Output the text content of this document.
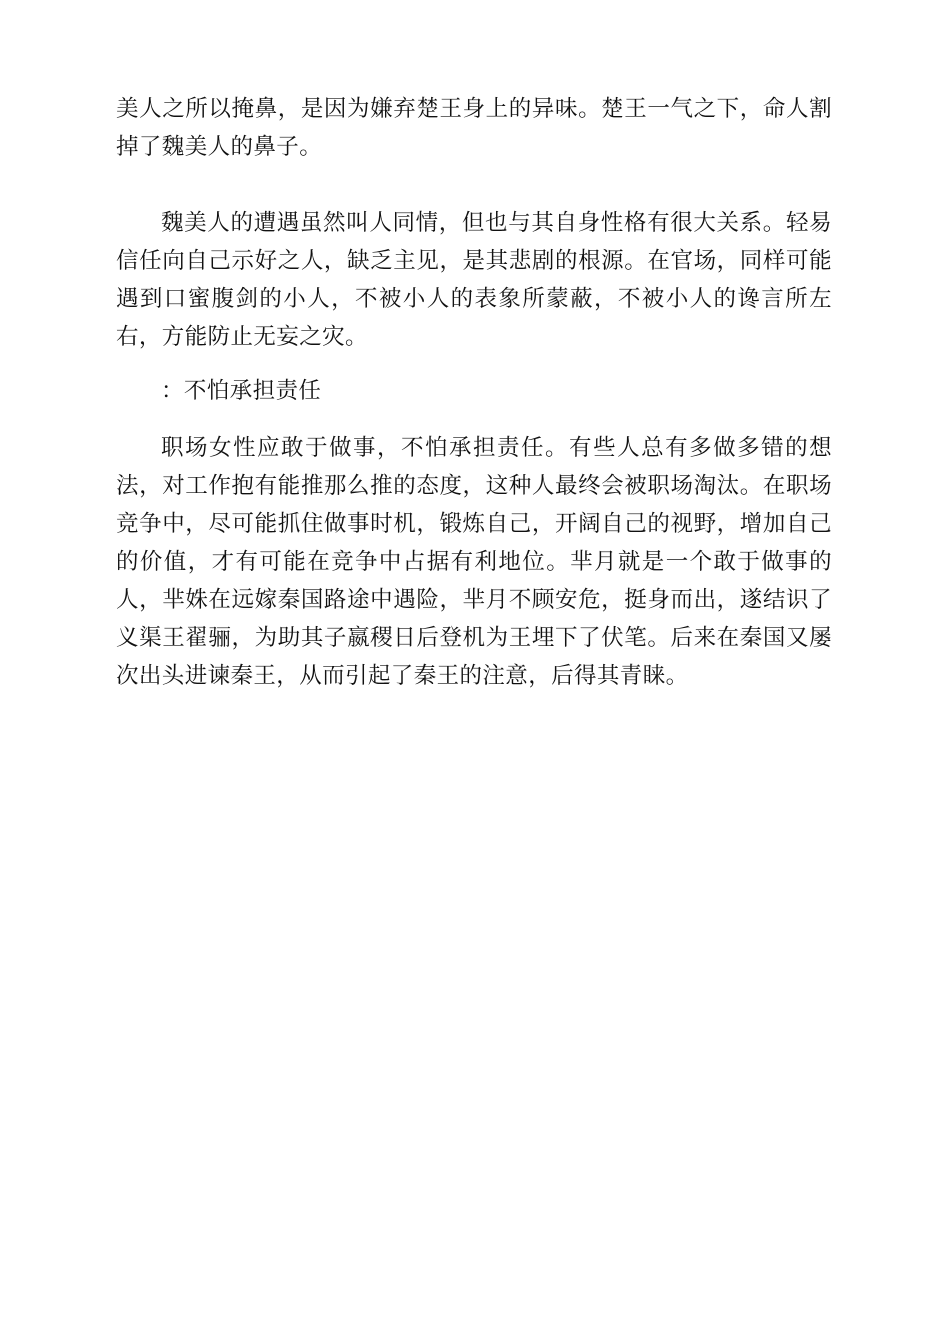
美人之所以掩鼻，是因为嫌弃楚王身上的异味。楚王一气之下，命人割掉了魏美人的鼻子。

魏美人的遭遇虽然叫人同情，但也与其自身性格有很大关系。轻易信任向自己示好之人，缺乏主见，是其悲剧的根源。在官场，同样可能遇到口蜜腹剑的小人，不被小人的表象所蒙蔽，不被小人的谗言所左右，方能防止无妄之灾。

：不怕承担责任

职场女性应敢于做事，不怕承担责任。有些人总有多做多错的想法，对工作抱有能推那么推的态度，这种人最终会被职场淘汰。在职场竞争中，尽可能抓住做事时机，锻炼自己，开阔自己的视野，增加自己的价值，才有可能在竞争中占据有利地位。芈月就是一个敢于做事的人，芈姝在远嫁秦国路途中遇险，芈月不顾安危，挺身而出，遂结识了义渠王翟骊，为助其子嬴稷日后登机为王埋下了伏笔。后来在秦国又屡次出头进谏秦王，从而引起了秦王的注意，后得其青睐。
